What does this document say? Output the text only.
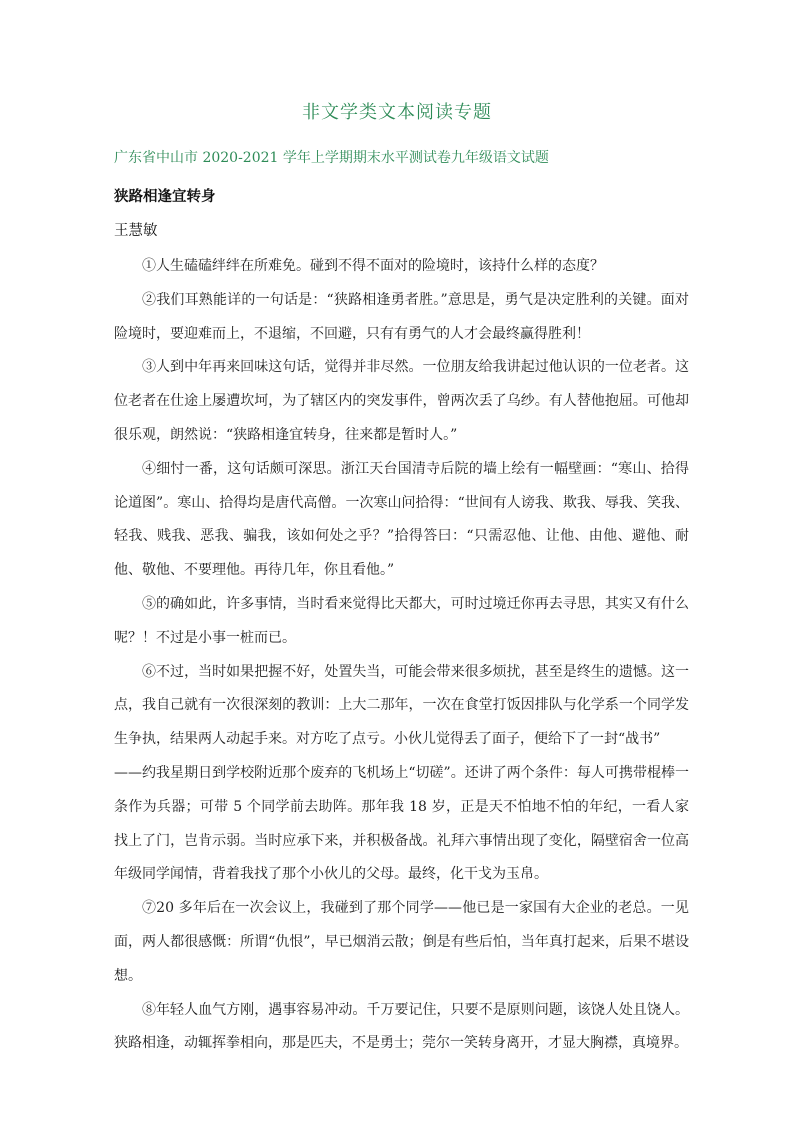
非文学类文本阅读专题
广东省中山市 2020-2021 学年上学期期末水平测试卷九年级语文试题
狭路相逢宜转身
王慧敏

①人生磕磕绊绊在所难免。碰到不得不面对的险境时，该持什么样的态度？

②我们耳熟能详的一句话是：“狭路相逢勇者胜。”意思是，勇气是决定胜利的关键。面对险境时，要迎难而上，不退缩，不回避，只有有勇气的人才会最终赢得胜利！

③人到中年再来回味这句话，觉得并非尽然。一位朋友给我讲起过他认识的一位老者。这位老者在仕途上屡遭坎坷，为了辖区内的突发事件，曾两次丢了乌纱。有人替他抱屈。可他却很乐观，朗然说：“狭路相逢宜转身，往来都是暂时人。”

④细忖一番，这句话颇可深思。浙江天台国清寺后院的墙上绘有一幅壁画：“寒山、拾得论道图”。寒山、拾得均是唐代高僧。一次寒山问拾得：“世间有人谤我、欺我、辱我、笑我、轻我、贱我、恶我、骗我，该如何处之乎？”拾得答曰：“只需忍他、让他、由他、避他、耐他、敬他、不要理他。再待几年，你且看他。”

⑤的确如此，许多事情，当时看来觉得比天都大，可时过境迁你再去寻思，其实又有什么呢？！不过是小事一桩而已。

⑥不过，当时如果把握不好，处置失当，可能会带来很多烦扰，甚至是终生的遗憾。这一点，我自己就有一次很深刻的教训：上大二那年，一次在食堂打饭因排队与化学系一个同学发生争执，结果两人动起手来。对方吃了点亏。小伙儿觉得丢了面子，便给下了一封“战书”

——约我星期日到学校附近那个废弃的飞机场上“切磋”。还讲了两个条件：每人可携带棍棒一条作为兵器；可带 5 个同学前去助阵。那年我 18 岁，正是天不怕地不怕的年纪，一看人家找上了门，岂肯示弱。当时应承下来，并积极备战。礼拜六事情出现了变化，隔壁宿舍一位高年级同学闻情，背着我找了那个小伙儿的父母。最终，化干戈为玉帛。

⑦20 多年后在一次会议上，我碰到了那个同学——他已是一家国有大企业的老总。一见面，两人都很感慨：所谓“仇恨”，早已烟消云散；倒是有些后怕，当年真打起来，后果不堪设想。

⑧年轻人血气方刚，遇事容易冲动。千万要记住，只要不是原则问题，该饶人处且饶人。狭路相逢，动辄挥拳相向，那是匹夫，不是勇士；莞尔一笑转身离开，才显大胸襟，真境界。
